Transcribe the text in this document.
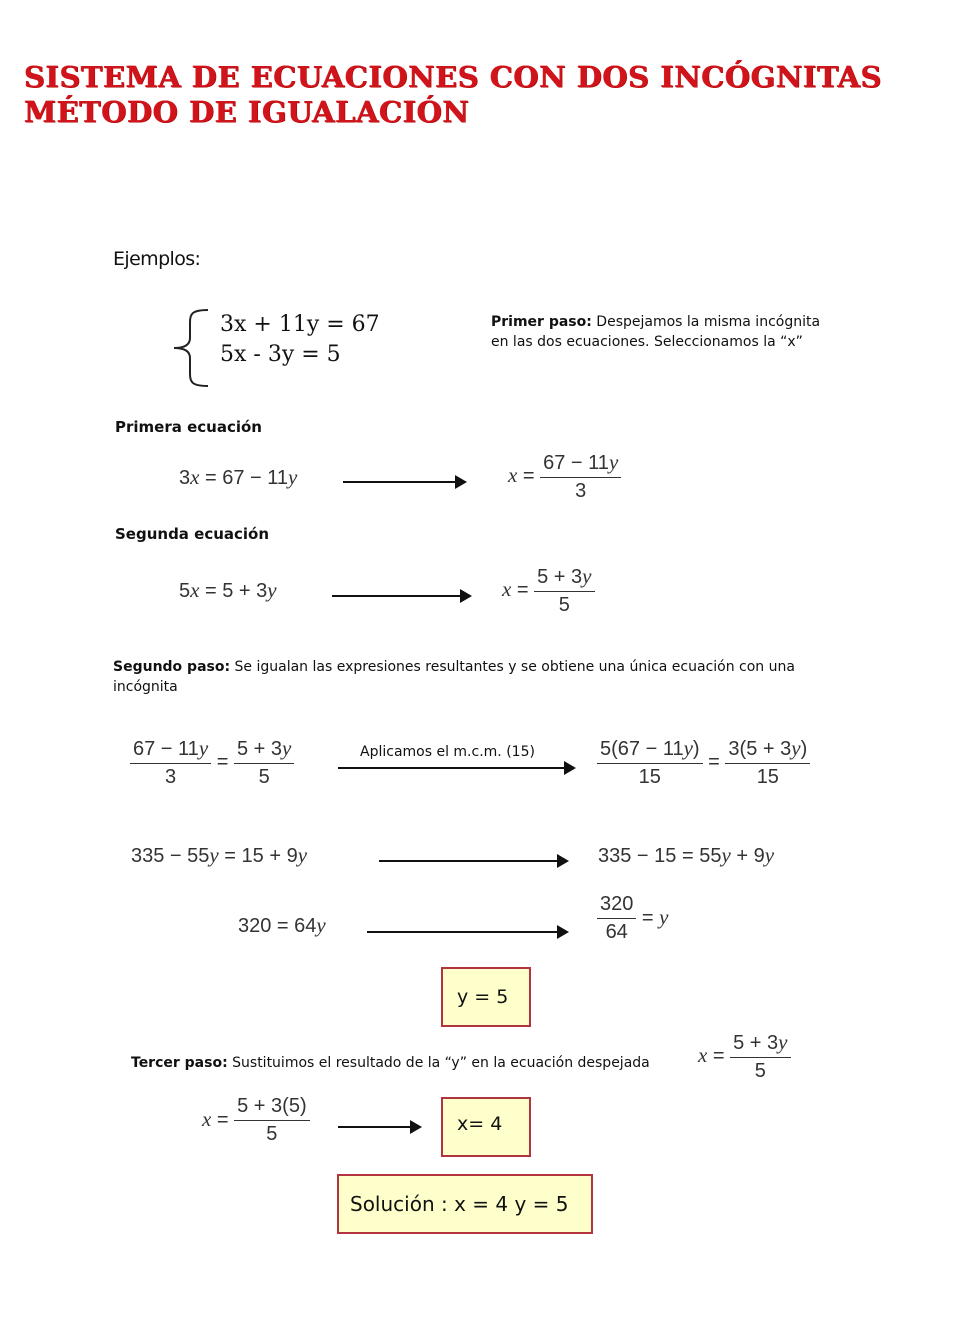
SISTEMA DE ECUACIONES CON DOS INCÓGNITAS
MÉTODO DE IGUALACIÓN
Ejemplos:
3x + 11y = 67
5x - 3y = 5
Primer paso: Despejamos la misma incógnita
en las dos ecuaciones. Seleccionamos la “x”
Primera ecuación
3x = 67 − 11y	$x = \frac{67 - 11y}{3}$
Segunda ecuación
5x = 5 + 3y	$x = \frac{5 + 3y}{5}$
Segundo paso: Se igualan las expresiones resultantes y se obtiene una única ecuación con una
incógnita
$\frac{67 - 11y}{3} = \frac{5 + 3y}{5}$	Aplicamos el m.c.m. (15)	$\frac{5(67 - 11y)}{15} = \frac{3(5 + 3y)}{15}$
335 − 55y = 15 + 9y	335 − 15 = 55y + 9y
320 = 64y	$\frac{320}{64} = y$
y = 5
Tercer paso: Sustituimos el resultado de la “y” en la ecuación despejada $x = \frac{5 + 3y}{5}$
$x = \frac{5 + 3(5)}{5}$	x= 4
Solución : x = 4 y = 5
